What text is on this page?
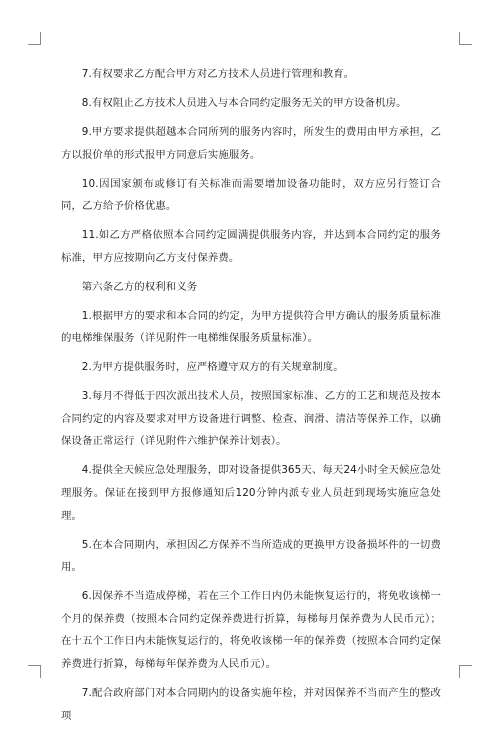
7.有权要求乙方配合甲方对乙方技术人员进行管理和教育。

8.有权阻止乙方技术人员进入与本合同约定服务无关的甲方设备机房。

9.甲方要求提供超越本合同所列的服务内容时，所发生的费用由甲方承担，乙方以报价单的形式报甲方同意后实施服务。

10.因国家颁布或修订有关标准而需要增加设备功能时，双方应另行签订合同，乙方给予价格优惠。

11.如乙方严格依照本合同约定圆满提供服务内容，并达到本合同约定的服务标准，甲方应按期向乙方支付保养费。

第六条乙方的权利和义务

1.根据甲方的要求和本合同的约定，为甲方提供符合甲方确认的服务质量标准的电梯维保服务（详见附件一电梯维保服务质量标准）。

2.为甲方提供服务时，应严格遵守双方的有关规章制度。

3.每月不得低于四次派出技术人员，按照国家标准、乙方的工艺和规范及按本合同约定的内容及要求对甲方设备进行调整、检查、润滑、清洁等保养工作，以确保设备正常运行（详见附件六维护保养计划表）。

4.提供全天候应急处理服务，即对设备提供365天、每天24小时全天候应急处理服务。保证在接到甲方报修通知后120分钟内派专业人员赶到现场实施应急处理。

5.在本合同期内，承担因乙方保养不当所造成的更换甲方设备损坏件的一切费用。

6.因保养不当造成停梯，若在三个工作日内仍未能恢复运行的，将免收该梯一个月的保养费（按照本合同约定保养费进行折算，每梯每月保养费为人民币元）；在十五个工作日内未能恢复运行的，将免收该梯一年的保养费（按照本合同约定保养费进行折算，每梯每年保养费为人民币元）。

7.配合政府部门对本合同期内的设备实施年检，并对因保养不当而产生的整改项
